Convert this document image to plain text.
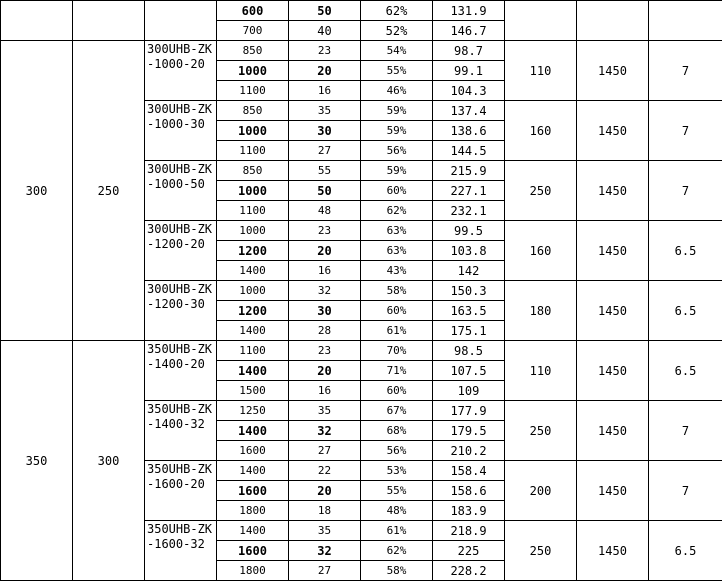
			600	50	62%	131.9			
			700	40	52%	146.7			
300	250	300UHB-ZK-1000-20	850	23	54%	98.7	110	1450	7
			1000	20	55%	99.1			
			1100	16	46%	104.3			
		300UHB-ZK-1000-30	850	35	59%	137.4	160	1450	7
			1000	30	59%	138.6			
			1100	27	56%	144.5			
		300UHB-ZK-1000-50	850	55	59%	215.9	250	1450	7
			1000	50	60%	227.1			
			1100	48	62%	232.1			
		300UHB-ZK-1200-20	1000	23	63%	99.5	160	1450	6.5
			1200	20	63%	103.8			
			1400	16	43%	142			
		300UHB-ZK-1200-30	1000	32	58%	150.3	180	1450	6.5
			1200	30	60%	163.5			
			1400	28	61%	175.1			
350	300	350UHB-ZK-1400-20	1100	23	70%	98.5	110	1450	6.5
			1400	20	71%	107.5			
			1500	16	60%	109			
		350UHB-ZK-1400-32	1250	35	67%	177.9	250	1450	7
			1400	32	68%	179.5			
			1600	27	56%	210.2			
		350UHB-ZK-1600-20	1400	22	53%	158.4	200	1450	7
			1600	20	55%	158.6			
			1800	18	48%	183.9			
		350UHB-ZK-1600-32	1400	35	61%	218.9	250	1450	6.5
			1600	32	62%	225			
			1800	27	58%	228.2			
